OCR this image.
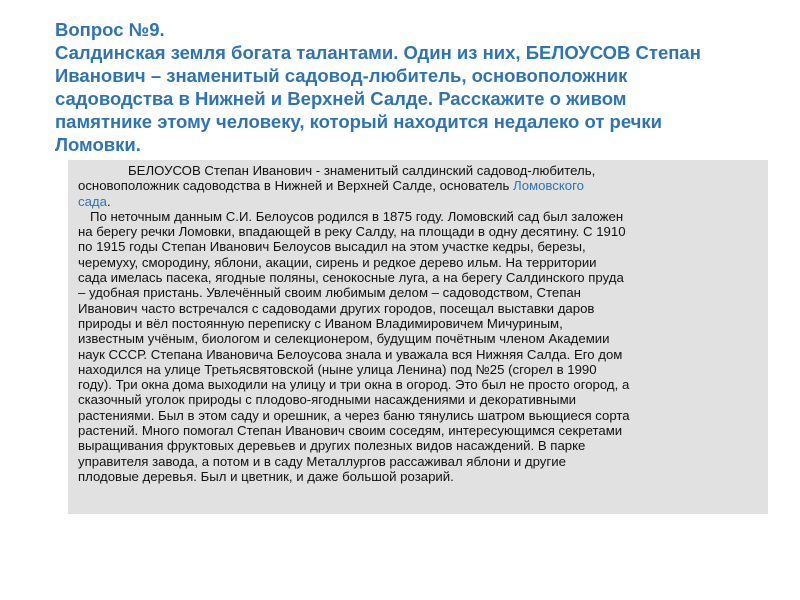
Вопрос №9.
Салдинская земля богата талантами. Один из них, БЕЛОУСОВ Степан
Иванович – знаменитый садовод-любитель, основоположник
садоводства в Нижней и Верхней Салде. Расскажите о живом
памятнике этому человеку, который находится недалеко от речки
Ломовки.
БЕЛОУСОВ Степан Иванович - знаменитый салдинский садовод-любитель,
основоположник садоводства в Нижней и Верхней Салде, основатель Ломовского
сада.
По неточным данным С.И. Белоусов родился в 1875 году. Ломовский сад был заложен
на берегу речки Ломовки, впадающей в реку Салду, на площади в одну десятину. С 1910
по 1915 годы Степан Иванович Белоусов высадил на этом участке кедры, березы,
черемуху, смородину, яблони, акации, сирень и редкое дерево ильм. На территории
сада имелась пасека, ягодные поляны, сенокосные луга, а на берегу Салдинского пруда
– удобная пристань. Увлечённый своим любимым делом – садоводством, Степан
Иванович часто встречался с садоводами других городов, посещал выставки даров
природы и вёл постоянную переписку с Иваном Владимировичем Мичуриным,
известным учёным, биологом и селекционером, будущим почётным членом Академии
наук СССР. Степана Ивановича Белоусова знала и уважала вся Нижняя Салда. Его дом
находился на улице Третьясвятовской (ныне улица Ленина) под №25 (сгорел в 1990
году). Три окна дома выходили на улицу и три окна в огород. Это был не просто огород, а
сказочный уголок природы с плодово-ягодными насаждениями и декоративными
растениями. Был в этом саду и орешник, а через баню тянулись шатром вьющиеся сорта
растений. Много помогал Степан Иванович своим соседям, интересующимся секретами
выращивания фруктовых деревьев и других полезных видов насаждений. В парке
управителя завода, а потом и в саду Металлургов рассаживал яблони и другие
плодовые деревья. Был и цветник, и даже большой розарий.
